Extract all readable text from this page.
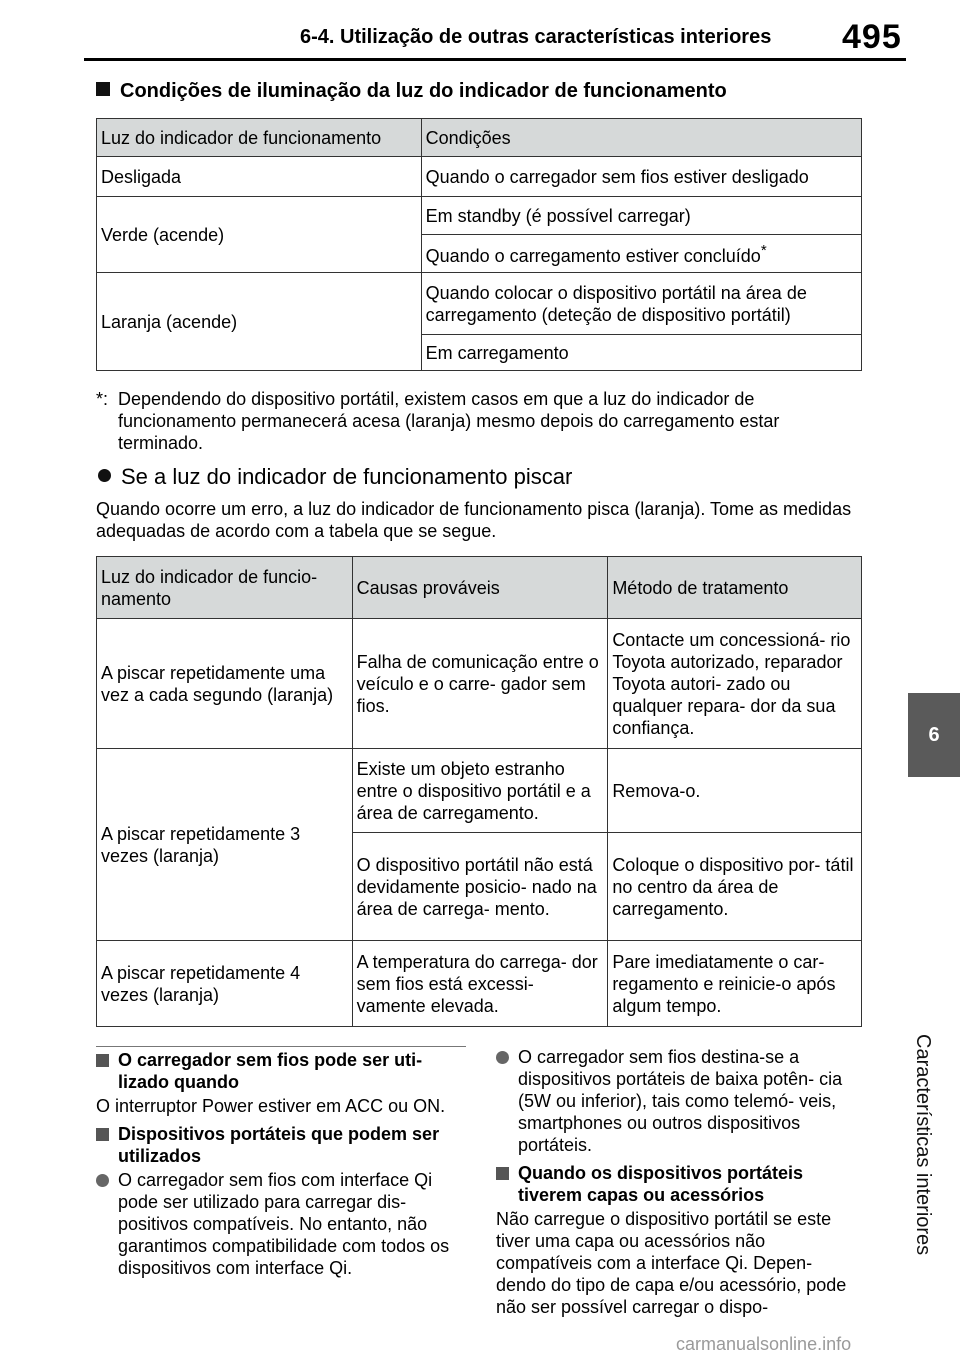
6-4. Utilização de outras características interiores 495
6
Características interiores
Condições de iluminação da luz do indicador de funcionamento
Luz do indicador de funcionamento	Condições
Desligada	Quando o carregador sem fios estiver desligado
Verde (acende)	Em standby (é possível carregar)
	Quando o carregamento estiver concluído*
Laranja (acende)	Quando colocar o dispositivo portátil na área de carregamento (deteção de dispositivo portátil)
	Em carregamento
*: Dependendo do dispositivo portátil, existem casos em que a luz do indicador de funcionamento permanecerá acesa (laranja) mesmo depois do carregamento estar terminado.
Se a luz do indicador de funcionamento piscar
Quando ocorre um erro, a luz do indicador de funcionamento pisca (laranja). Tome as medidas adequadas de acordo com a tabela que se segue.
Luz do indicador de funcio- namento	Causas prováveis	Método de tratamento
A piscar repetidamente uma vez a cada segundo (laranja)	Falha de comunicação entre o veículo e o carre- gador sem fios.	Contacte um concessioná- rio Toyota autorizado, reparador Toyota autori- zado ou qualquer repara- dor da sua confiança.
A piscar repetidamente 3 vezes (laranja)	Existe um objeto estranho entre o dispositivo portátil e a área de carregamento.	Remova-o.
	O dispositivo portátil não está devidamente posicio- nado na área de carrega- mento.	Coloque o dispositivo por- tátil no centro da área de carregamento.
A piscar repetidamente 4 vezes (laranja)	A temperatura do carrega- dor sem fios está excessi- vamente elevada.	Pare imediatamente o car- regamento e reinicie-o após algum tempo.
O carregador sem fios pode ser uti- lizado quando
O interruptor Power estiver em ACC ou ON.
Dispositivos portáteis que podem ser utilizados
O carregador sem fios com interface Qi pode ser utilizado para carregar dis- positivos compatíveis. No entanto, não garantimos compatibilidade com todos os dispositivos com interface Qi.
O carregador sem fios destina-se a dispositivos portáteis de baixa potên- cia (5W ou inferior), tais como telemó- veis, smartphones ou outros dispositivos portáteis.
Quando os dispositivos portáteis tiverem capas ou acessórios
Não carregue o dispositivo portátil se este tiver uma capa ou acessórios não compatíveis com a interface Qi. Depen- dendo do tipo de capa e/ou acessório, pode não ser possível carregar o dispo-
carmanualsonline.info
